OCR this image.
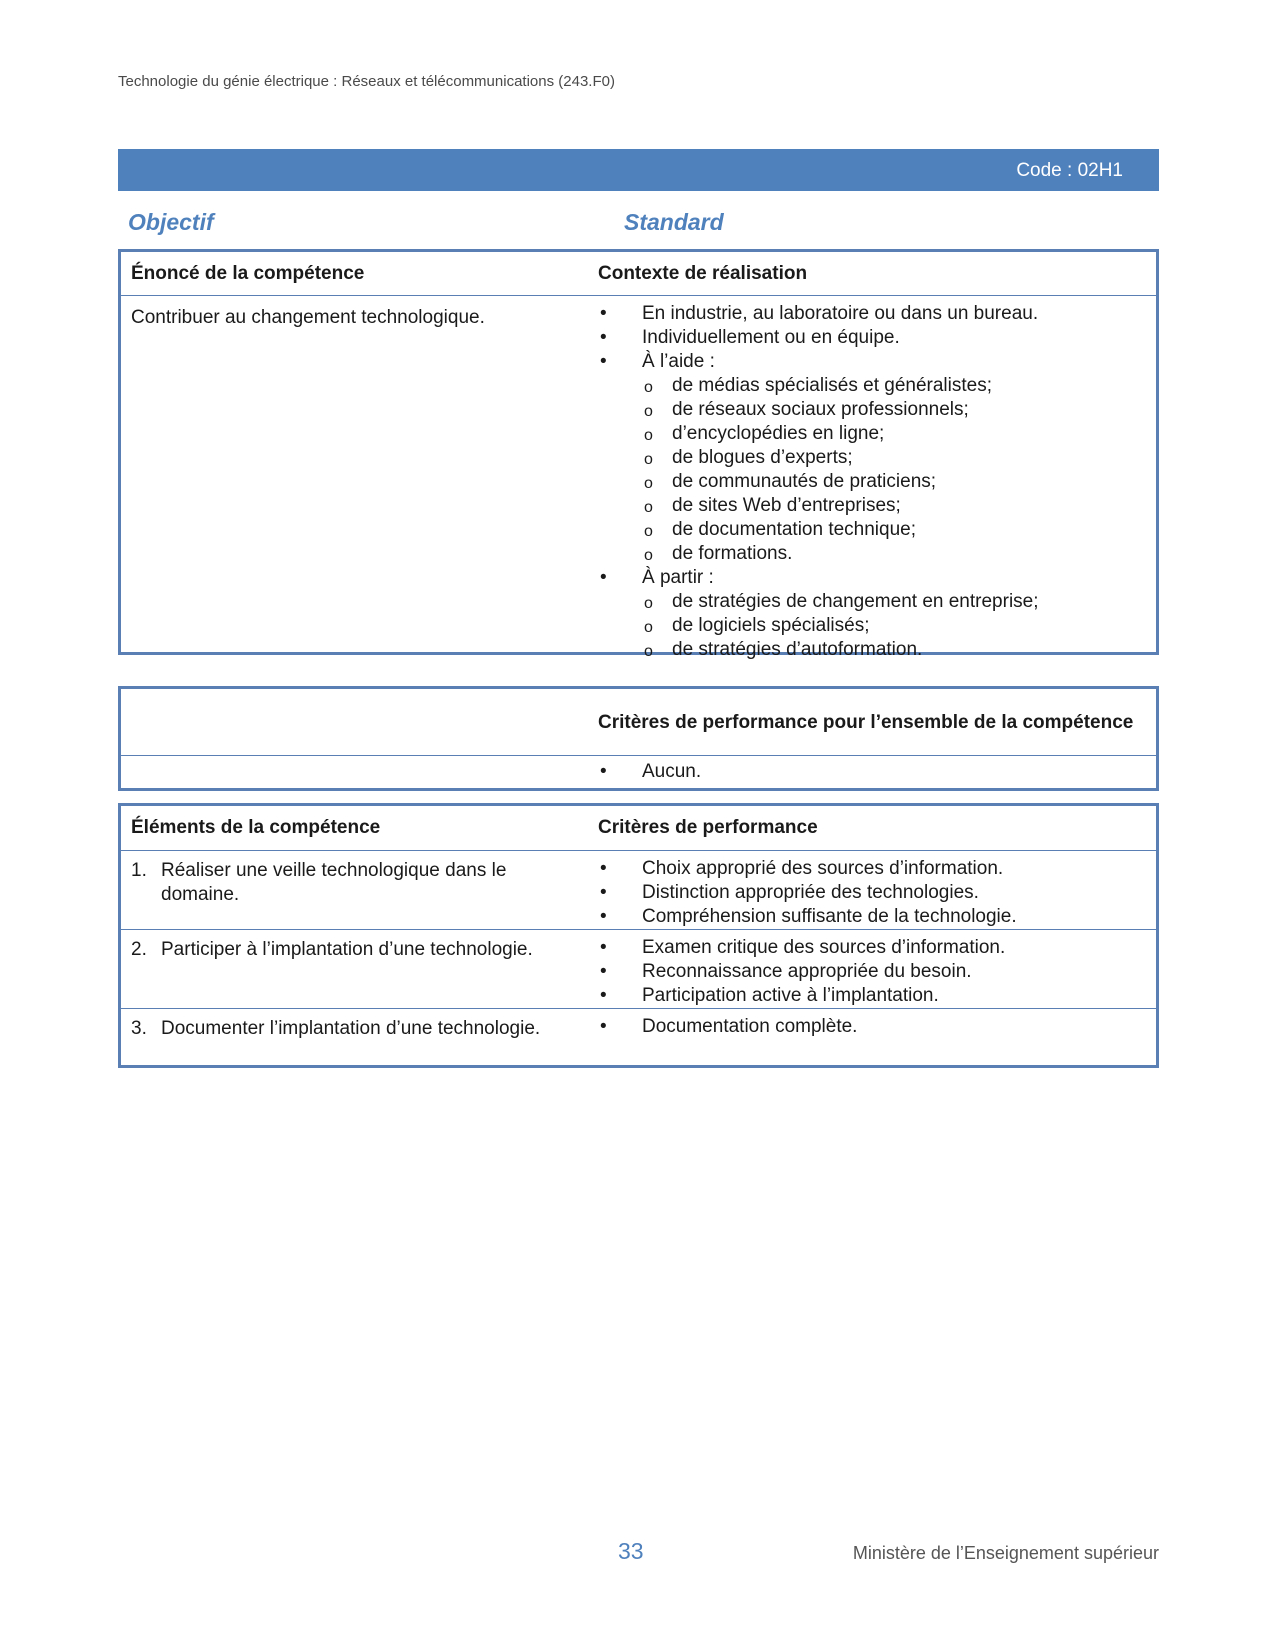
Technologie du génie électrique : Réseaux et télécommunications (243.F0)
Code : 02H1
Objectif	Standard
Énoncé de la compétence	Contexte de réalisation
Contribuer au changement technologique.	• En industrie, au laboratoire ou dans un bureau.
• Individuellement ou en équipe.
• À l’aide :
o de médias spécialisés et généralistes;
o de réseaux sociaux professionnels;
o d’encyclopédies en ligne;
o de blogues d’experts;
o de communautés de praticiens;
o de sites Web d’entreprises;
o de documentation technique;
o de formations.
• À partir :
o de stratégies de changement en entreprise;
o de logiciels spécialisés;
o de stratégies d’autoformation.
Critères de performance pour l’ensemble de la compétence
• Aucun.
Éléments de la compétence	Critères de performance
1. Réaliser une veille technologique dans le domaine.
• Choix approprié des sources d’information.
• Distinction appropriée des technologies.
• Compréhension suffisante de la technologie.
2. Participer à l’implantation d’une technologie.	• Examen critique des sources d’information.
• Reconnaissance appropriée du besoin.
• Participation active à l’implantation.
3. Documenter l’implantation d’une technologie.	• Documentation complète.
33	Ministère de l’Enseignement supérieur
